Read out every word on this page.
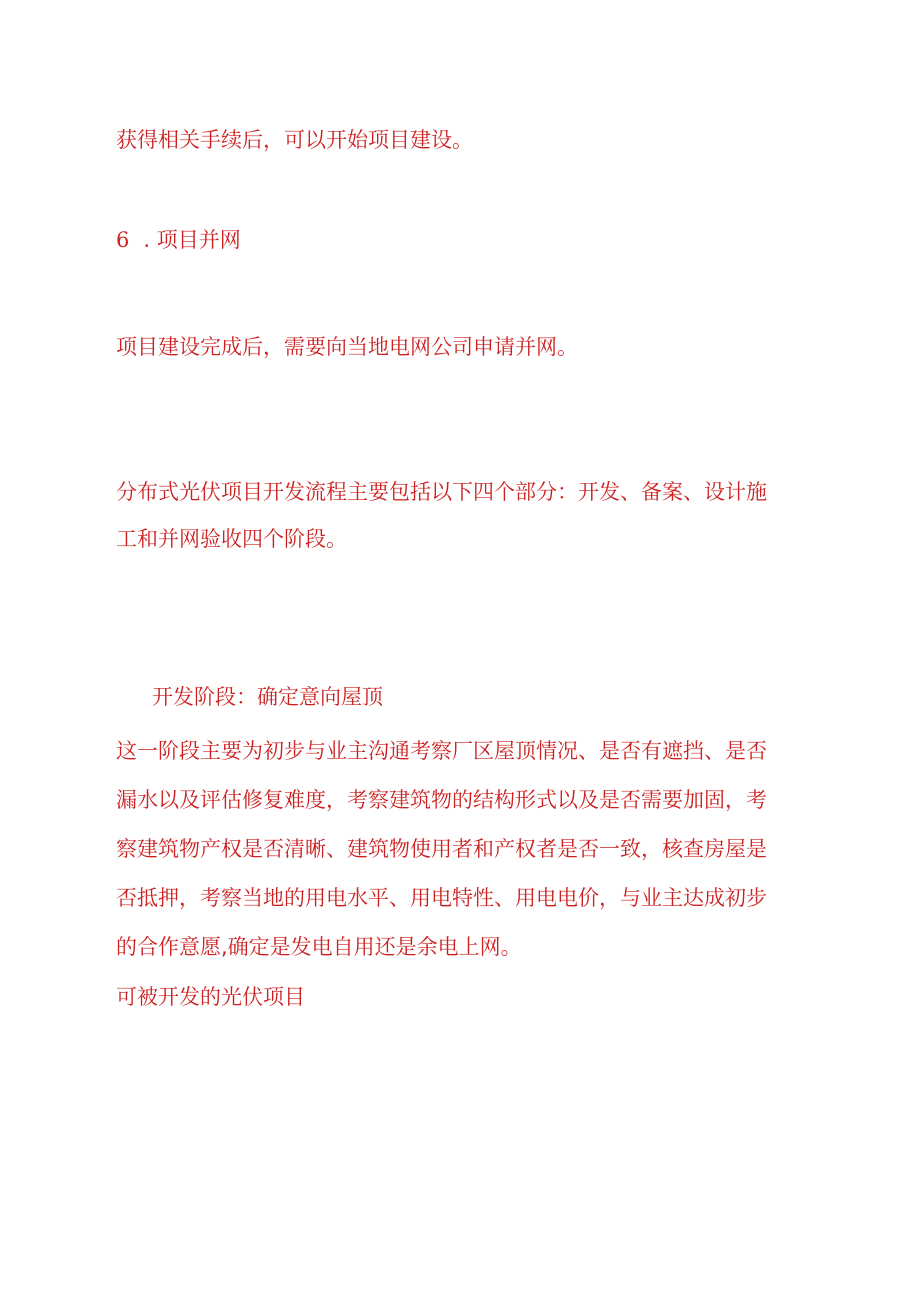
获得相关手续后，可以开始项目建设。
6 . 项目并网
项目建设完成后，需要向当地电网公司申请并网。
分布式光伏项目开发流程主要包括以下四个部分：开发、备案、设计施
工和并网验收四个阶段。
开发阶段：确定意向屋顶
这一阶段主要为初步与业主沟通考察厂区屋顶情况、是否有遮挡、是否
漏水以及评估修复难度，考察建筑物的结构形式以及是否需要加固，考
察建筑物产权是否清晰、建筑物使用者和产权者是否一致，核查房屋是
否抵押，考察当地的用电水平、用电特性、用电电价，与业主达成初步
的合作意愿,确定是发电自用还是余电上网。
可被开发的光伏项目
